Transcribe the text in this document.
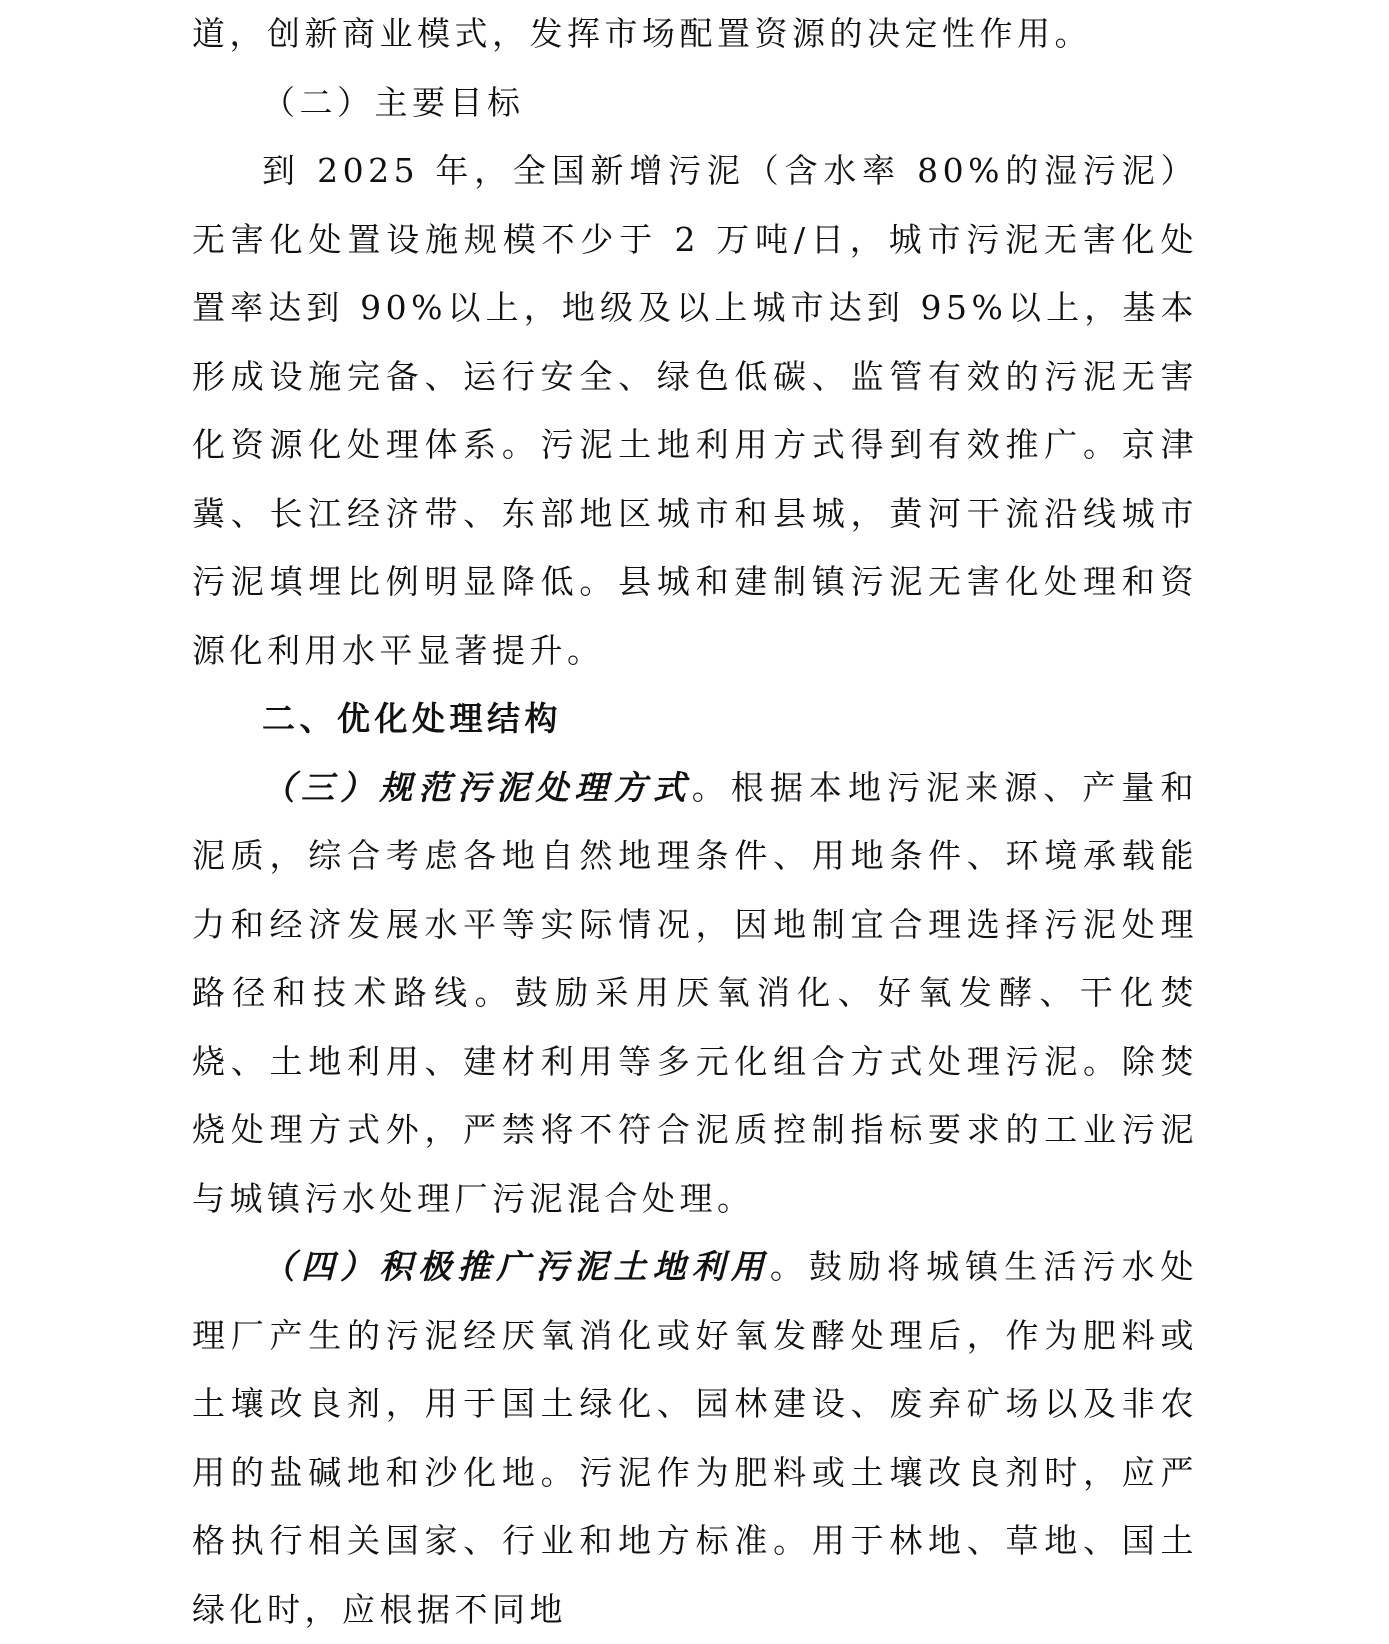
道，创新商业模式，发挥市场配置资源的决定性作用。

（二）主要目标

到 2025 年，全国新增污泥（含水率 80%的湿污泥）无害化处置设施规模不少于 2 万吨/日，城市污泥无害化处置率达到 90%以上，地级及以上城市达到 95%以上，基本形成设施完备、运行安全、绿色低碳、监管有效的污泥无害化资源化处理体系。污泥土地利用方式得到有效推广。京津冀、长江经济带、东部地区城市和县城，黄河干流沿线城市污泥填埋比例明显降低。县城和建制镇污泥无害化处理和资源化利用水平显著提升。

二、优化处理结构

（三）规范污泥处理方式。根据本地污泥来源、产量和泥质，综合考虑各地自然地理条件、用地条件、环境承载能力和经济发展水平等实际情况，因地制宜合理选择污泥处理路径和技术路线。鼓励采用厌氧消化、好氧发酵、干化焚烧、土地利用、建材利用等多元化组合方式处理污泥。除焚烧处理方式外，严禁将不符合泥质控制指标要求的工业污泥与城镇污水处理厂污泥混合处理。

（四）积极推广污泥土地利用。鼓励将城镇生活污水处理厂产生的污泥经厌氧消化或好氧发酵处理后，作为肥料或土壤改良剂，用于国土绿化、园林建设、废弃矿场以及非农用的盐碱地和沙化地。污泥作为肥料或土壤改良剂时，应严格执行相关国家、行业和地方标准。用于林地、草地、国土绿化时，应根据不同地
